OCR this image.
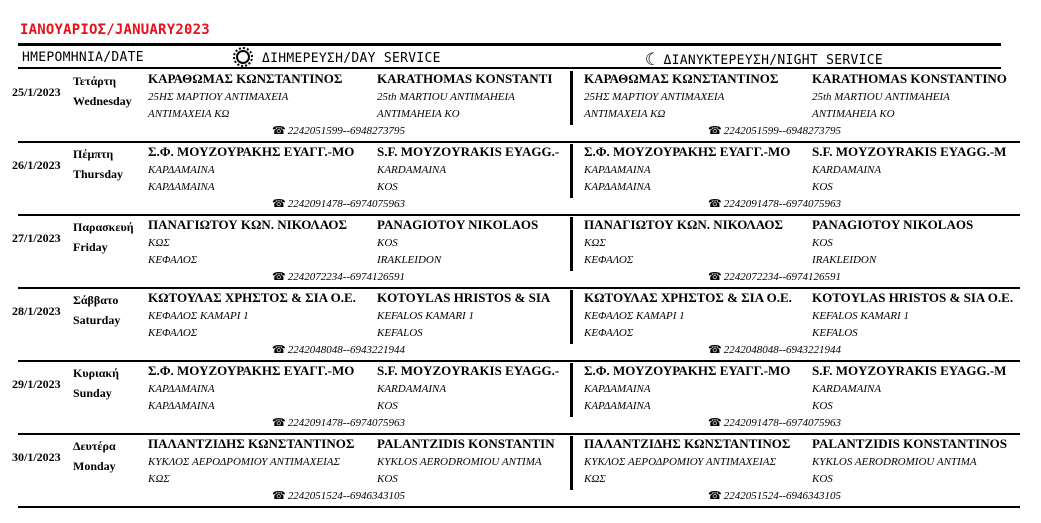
ΙΑΝΟΥΑΡΙΟΣ/JANUARY2023
ΗΜΕΡΟΜΗΝΙΑ/DATE	ΔΙΗΜΕΡΕΥΣΗ/DAY SERVICE	☾ ΔΙΑΝΥΚΤΕΡΕΥΣΗ/NIGHT SERVICE
25/1/2023
Τετάρτη
Wednesday
ΚΑΡΑΘΩΜΑΣ ΚΩΝΣΤΑΝΤΙΝΟΣ	KARATHOMAS KONSTANTI
25ΗΣ ΜΑΡΤΙΟΥ ΑΝΤΙΜΑΧΕΙΑ	25th MARTIOU ANTIMAHEIA
ΑΝΤΙΜΑΧΕΙΑ ΚΩ	ANTIMAHEIA KO
☎ 2242051599--6948273795
ΚΑΡΑΘΩΜΑΣ ΚΩΝΣΤΑΝΤΙΝΟΣ	KARATHOMAS KONSTANTINO
25ΗΣ ΜΑΡΤΙΟΥ ΑΝΤΙΜΑΧΕΙΑ	25th MARTIOU ANTIMAHEIA
ΑΝΤΙΜΑΧΕΙΑ ΚΩ	ANTIMAHEIA KO
☎ 2242051599--6948273795
26/1/2023
Πέμπτη
Thursday
Σ.Φ. ΜΟΥΖΟΥΡΑΚΗΣ ΕΥΑΓΓ.-ΜΟ S.F. MOYZOYRAKIS EYAGG.-
ΚΑΡΔΑΜΑΙΝΑ	KARDAMAINA
ΚΑΡΔΑΜΑΙΝΑ	KOS
☎ 2242091478--6974075963
Σ.Φ. ΜΟΥΖΟΥΡΑΚΗΣ ΕΥΑΓΓ.-ΜΟ S.F. MOYZOYRAKIS EYAGG.-M
ΚΑΡΔΑΜΑΙΝΑ	KARDAMAINA
ΚΑΡΔΑΜΑΙΝΑ	KOS
☎ 2242091478--6974075963
27/1/2023
Παρασκευή
Friday
ΠΑΝΑΓΙΩΤΟΥ ΚΩΝ. ΝΙΚΟΛΑΟΣ PANAGIOTOY NIKOLAOS
ΚΩΣ	KOS
ΚΕΦΑΛΟΣ	IRAKLEIDON
☎ 2242072234--6974126591
ΠΑΝΑΓΙΩΤΟΥ ΚΩΝ. ΝΙΚΟΛΑΟΣ PANAGIOTOY NIKOLAOS
ΚΩΣ	KOS
ΚΕΦΑΛΟΣ	IRAKLEIDON
☎ 2242072234--6974126591
28/1/2023
Σάββατο
Saturday
ΚΩΤΟΥΛΑΣ ΧΡΗΣΤΟΣ & ΣΙΑ Ο.Ε. KOTOYLAS HRISTOS & SIA
ΚΕΦΑΛΟΣ ΚΑΜΑΡΙ 1	KEFALOS KAMARI 1
ΚΕΦΑΛΟΣ	KEFALOS
☎ 2242048048--6943221944
ΚΩΤΟΥΛΑΣ ΧΡΗΣΤΟΣ & ΣΙΑ Ο.Ε. KOTOYLAS HRISTOS & SIA O.E.
ΚΕΦΑΛΟΣ ΚΑΜΑΡΙ 1	KEFALOS KAMARI 1
ΚΕΦΑΛΟΣ	KEFALOS
☎ 2242048048--6943221944
29/1/2023
Κυριακή
Sunday
Σ.Φ. ΜΟΥΖΟΥΡΑΚΗΣ ΕΥΑΓΓ.-ΜΟ S.F. MOYZOYRAKIS EYAGG.-
ΚΑΡΔΑΜΑΙΝΑ	KARDAMAINA
ΚΑΡΔΑΜΑΙΝΑ	KOS
☎ 2242091478--6974075963
Σ.Φ. ΜΟΥΖΟΥΡΑΚΗΣ ΕΥΑΓΓ.-ΜΟ S.F. MOYZOYRAKIS EYAGG.-M
ΚΑΡΔΑΜΑΙΝΑ	KARDAMAINA
ΚΑΡΔΑΜΑΙΝΑ	KOS
☎ 2242091478--6974075963
30/1/2023
Δευτέρα
Monday
ΠΑΛΑΝΤΖΙΔΗΣ ΚΩΝΣΤΑΝΤΙΝΟΣ PALANTZIDIS KONSTANTIN
ΚΥΚΛΟΣ ΑΕΡΟΔΡΟΜΙΟΥ ΑΝΤΙΜΑΧΕΙΑΣ	KYKLOS AERODROMIOU ANTIMA
ΚΩΣ	KOS
☎ 2242051524--6946343105
ΠΑΛΑΝΤΖΙΔΗΣ ΚΩΝΣΤΑΝΤΙΝΟΣ PALANTZIDIS KONSTANTINOS
ΚΥΚΛΟΣ ΑΕΡΟΔΡΟΜΙΟΥ ΑΝΤΙΜΑΧΕΙΑΣ	KYKLOS AERODROMIOU ANTIMA
ΚΩΣ	KOS
☎ 2242051524--6946343105
